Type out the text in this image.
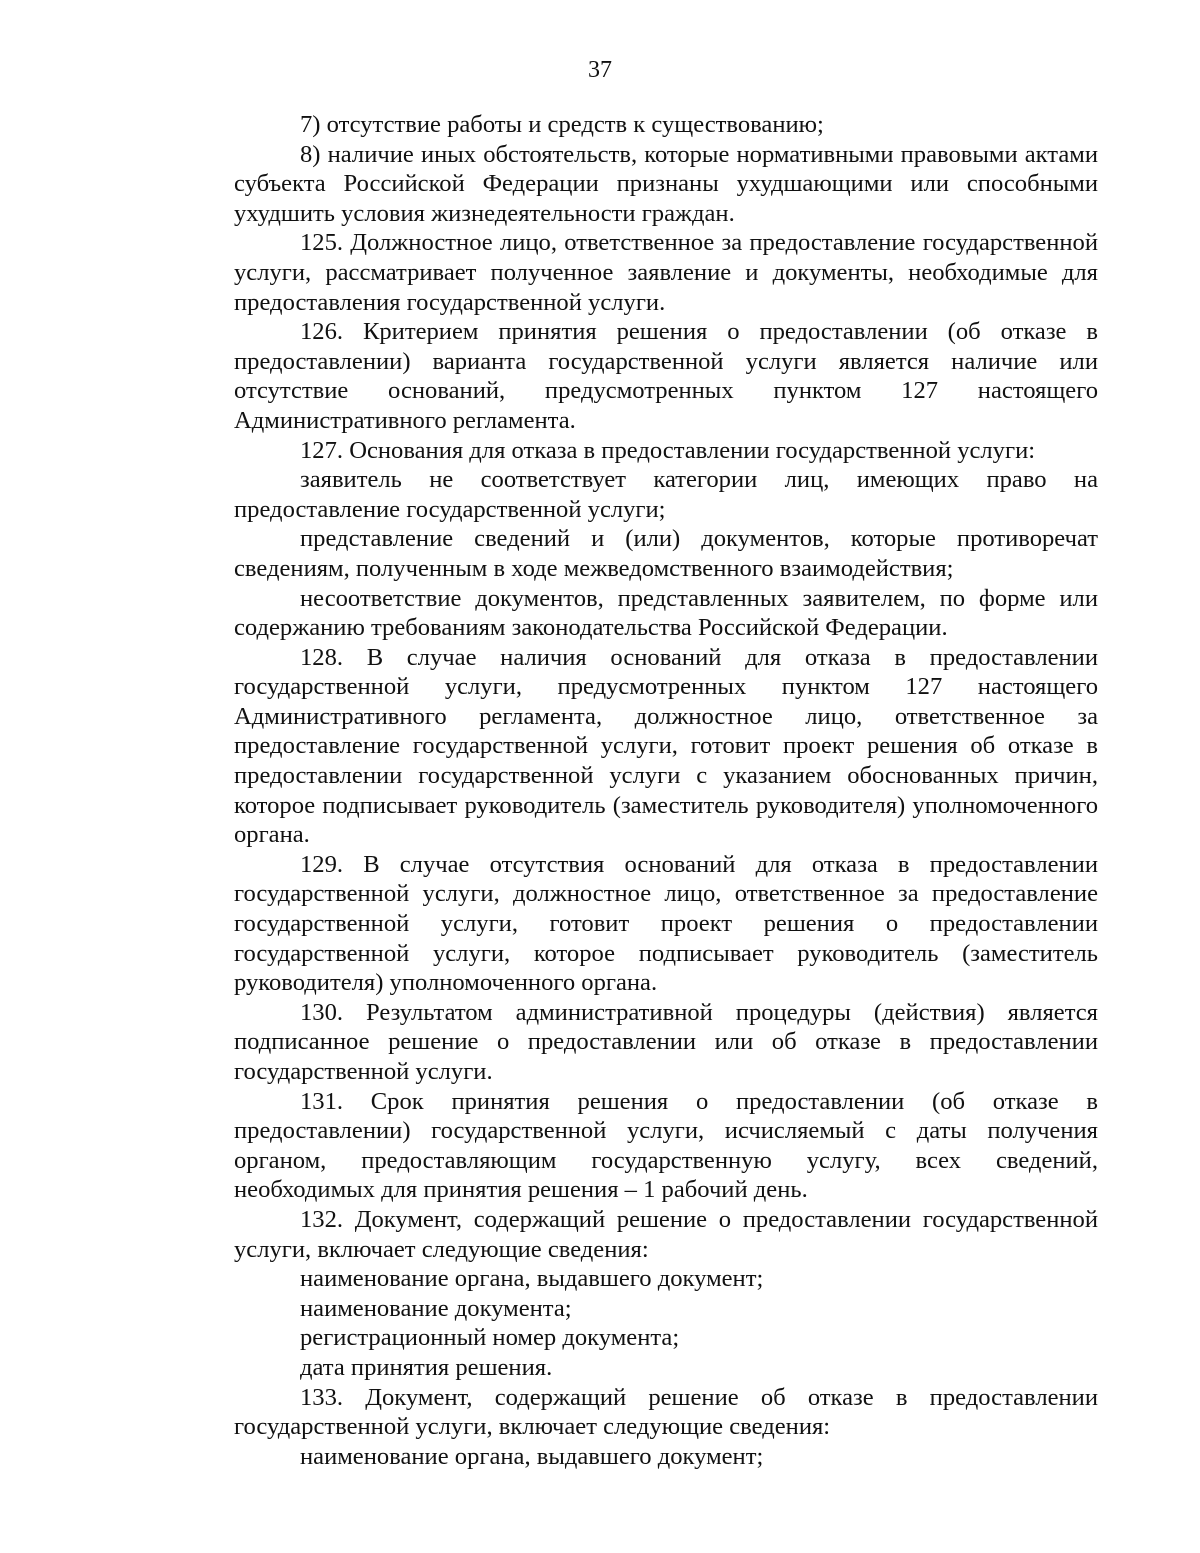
37

7) отсутствие работы и средств к существованию;

8) наличие иных обстоятельств, которые нормативными правовыми актами субъекта Российской Федерации признаны ухудшающими или способными ухудшить условия жизнедеятельности граждан.

125. Должностное лицо, ответственное за предоставление государственной услуги, рассматривает полученное заявление и документы, необходимые для предоставления государственной услуги.

126. Критерием принятия решения о предоставлении (об отказе в предоставлении) варианта государственной услуги является наличие или отсутствие оснований, предусмотренных пунктом 127 настоящего Административного регламента.

127. Основания для отказа в предоставлении государственной услуги:

заявитель не соответствует категории лиц, имеющих право на предоставление государственной услуги;

представление сведений и (или) документов, которые противоречат сведениям, полученным в ходе межведомственного взаимодействия;

несоответствие документов, представленных заявителем, по форме или содержанию требованиям законодательства Российской Федерации.

128. В случае наличия оснований для отказа в предоставлении государственной услуги, предусмотренных пунктом 127 настоящего Административного регламента, должностное лицо, ответственное за предоставление государственной услуги, готовит проект решения об отказе в предоставлении государственной услуги с указанием обоснованных причин, которое подписывает руководитель (заместитель руководителя) уполномоченного органа.

129. В случае отсутствия оснований для отказа в предоставлении государственной услуги, должностное лицо, ответственное за предоставление государственной услуги, готовит проект решения о предоставлении государственной услуги, которое подписывает руководитель (заместитель руководителя) уполномоченного органа.

130. Результатом административной процедуры (действия) является подписанное решение о предоставлении или об отказе в предоставлении государственной услуги.

131. Срок принятия решения о предоставлении (об отказе в предоставлении) государственной услуги, исчисляемый с даты получения органом, предоставляющим государственную услугу, всех сведений, необходимых для принятия решения – 1 рабочий день.

132. Документ, содержащий решение о предоставлении государственной услуги, включает следующие сведения:

наименование органа, выдавшего документ;

наименование документа;

регистрационный номер документа;

дата принятия решения.

133. Документ, содержащий решение об отказе в предоставлении государственной услуги, включает следующие сведения:

наименование органа, выдавшего документ;
